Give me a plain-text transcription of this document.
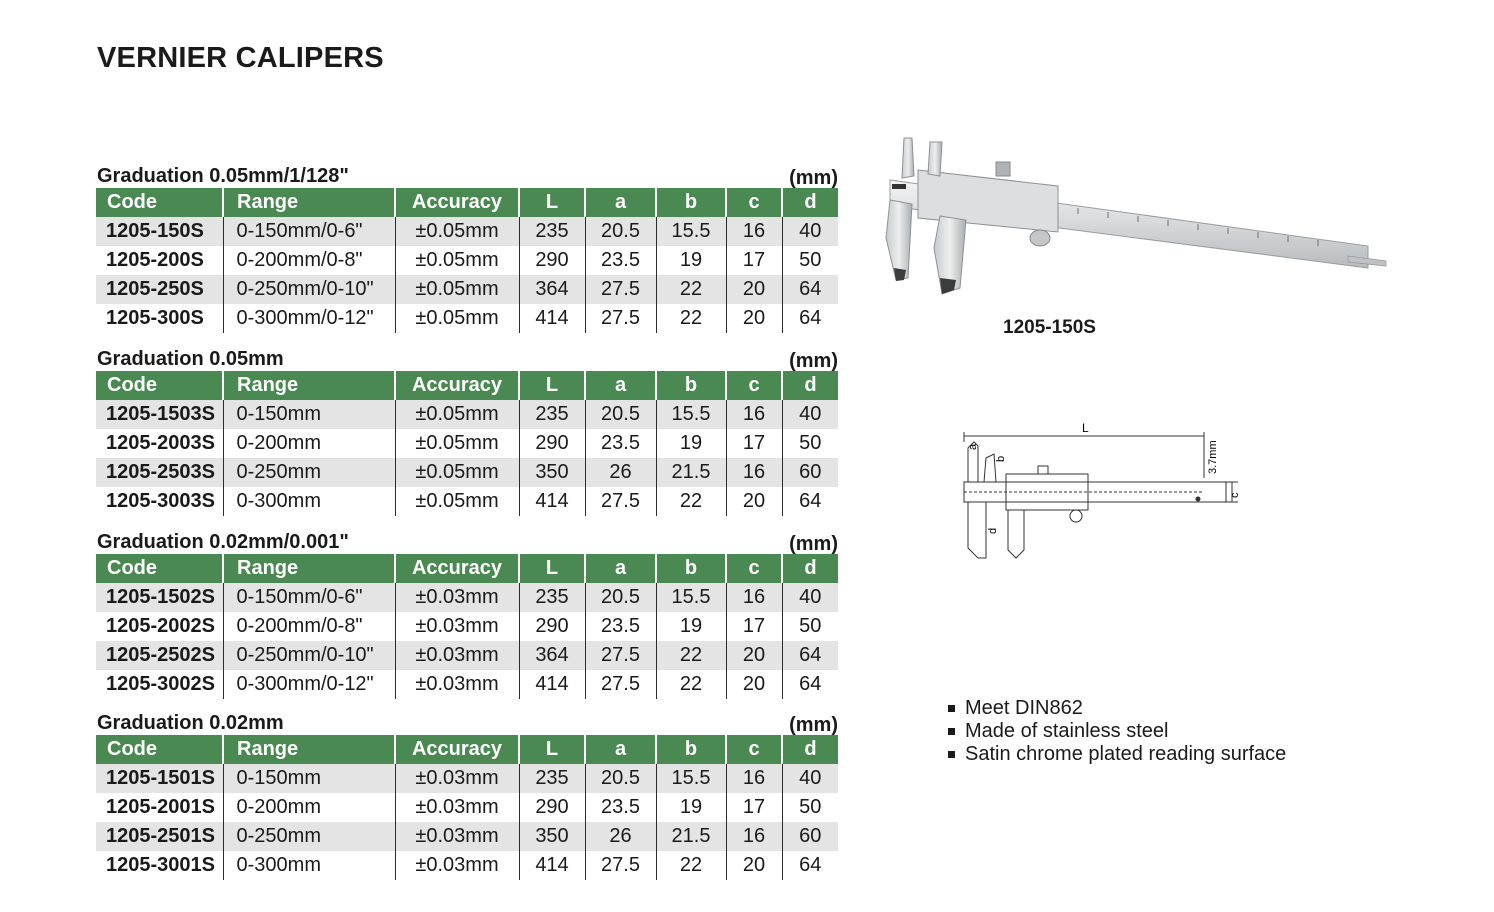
VERNIER CALIPERS
Graduation 0.05mm/1/128"	(mm)
Code	Range	Accuracy	L	a	b	c	d
1205-150S	0-150mm/0-6"	±0.05mm	235	20.5	15.5	16	40
1205-200S	0-200mm/0-8"	±0.05mm	290	23.5	19	17	50
1205-250S	0-250mm/0-10"	±0.05mm	364	27.5	22	20	64
1205-300S	0-300mm/0-12"	±0.05mm	414	27.5	22	20	64
Graduation 0.05mm	(mm)
Code	Range	Accuracy	L	a	b	c	d
1205-1503S	0-150mm	±0.05mm	235	20.5	15.5	16	40
1205-2003S	0-200mm	±0.05mm	290	23.5	19	17	50
1205-2503S	0-250mm	±0.05mm	350	26	21.5	16	60
1205-3003S	0-300mm	±0.05mm	414	27.5	22	20	64
Graduation 0.02mm/0.001"	(mm)
Code	Range	Accuracy	L	a	b	c	d
1205-1502S	0-150mm/0-6"	±0.03mm	235	20.5	15.5	16	40
1205-2002S	0-200mm/0-8"	±0.03mm	290	23.5	19	17	50
1205-2502S	0-250mm/0-10"	±0.03mm	364	27.5	22	20	64
1205-3002S	0-300mm/0-12"	±0.03mm	414	27.5	22	20	64
Graduation 0.02mm	(mm)
Code	Range	Accuracy	L	a	b	c	d
1205-1501S	0-150mm	±0.03mm	235	20.5	15.5	16	40
1205-2001S	0-200mm	±0.03mm	290	23.5	19	17	50
1205-2501S	0-250mm	±0.03mm	350	26	21.5	16	60
1205-3001S	0-300mm	±0.03mm	414	27.5	22	20	64
1205-150S
L
a
b
c
d
3.7mm
Meet DIN862
Made of stainless steel
Satin chrome plated reading surface
